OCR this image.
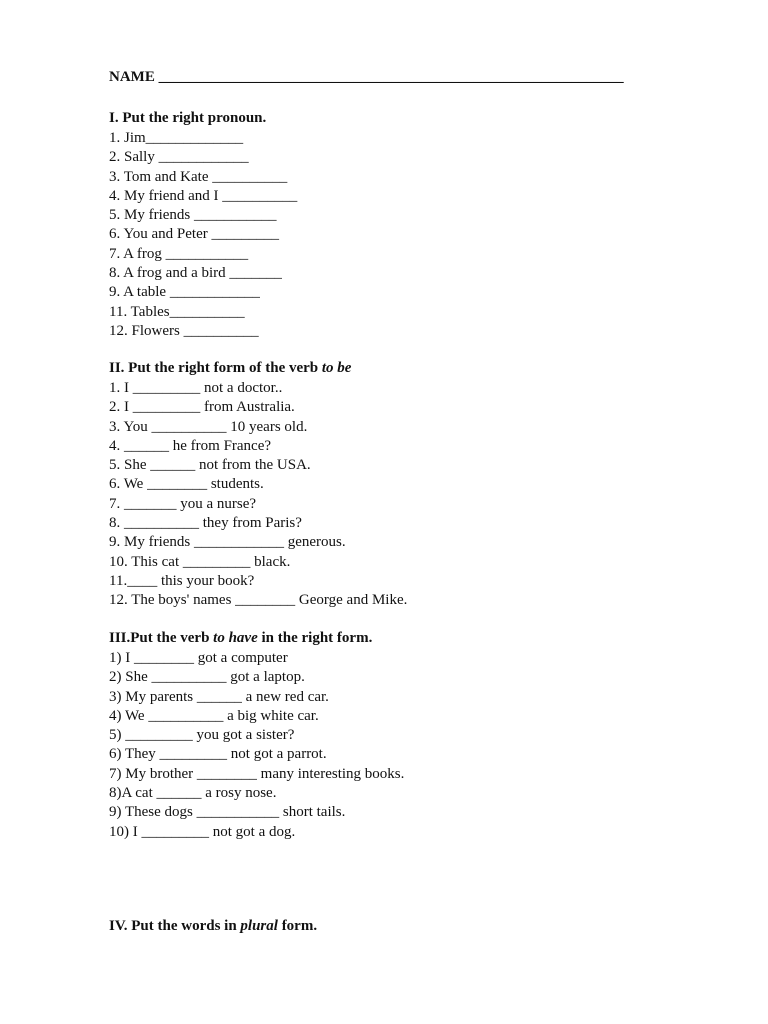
NAME ______________________________________________________________
I. Put the right pronoun.
1. Jim_____________
2. Sally ____________
3. Tom and Kate __________
4. My friend and I __________
5. My friends ___________
6. You and Peter _________
7. A frog ___________
8. A frog and a bird _______
9. A table ____________
11. Tables__________
12. Flowers __________
II. Put the right form of the verb to be
1. I _________ not a doctor..
2. I _________ from Australia.
3. You __________ 10 years old.
4. ______ he from France?
5. She ______ not from the USA.
6. We ________ students.
7. _______ you a nurse?
8. __________ they from Paris?
9. My friends ____________ generous.
10. This cat _________ black.
11.____ this your book?
12. The boys' names ________ George and Mike.
III.Put the verb to have in the right form.
1) I ________ got a computer
2) She __________ got a laptop.
3) My parents ______ a new red car.
4) We __________ a big white car.
5) _________ you got a sister?
6) They _________ not got a parrot.
7) My brother ________ many interesting books.
8)A cat ______ a rosy nose.
9) These dogs ___________ short tails.
10) I _________ not got a dog.
IV. Put the words in plural form.
